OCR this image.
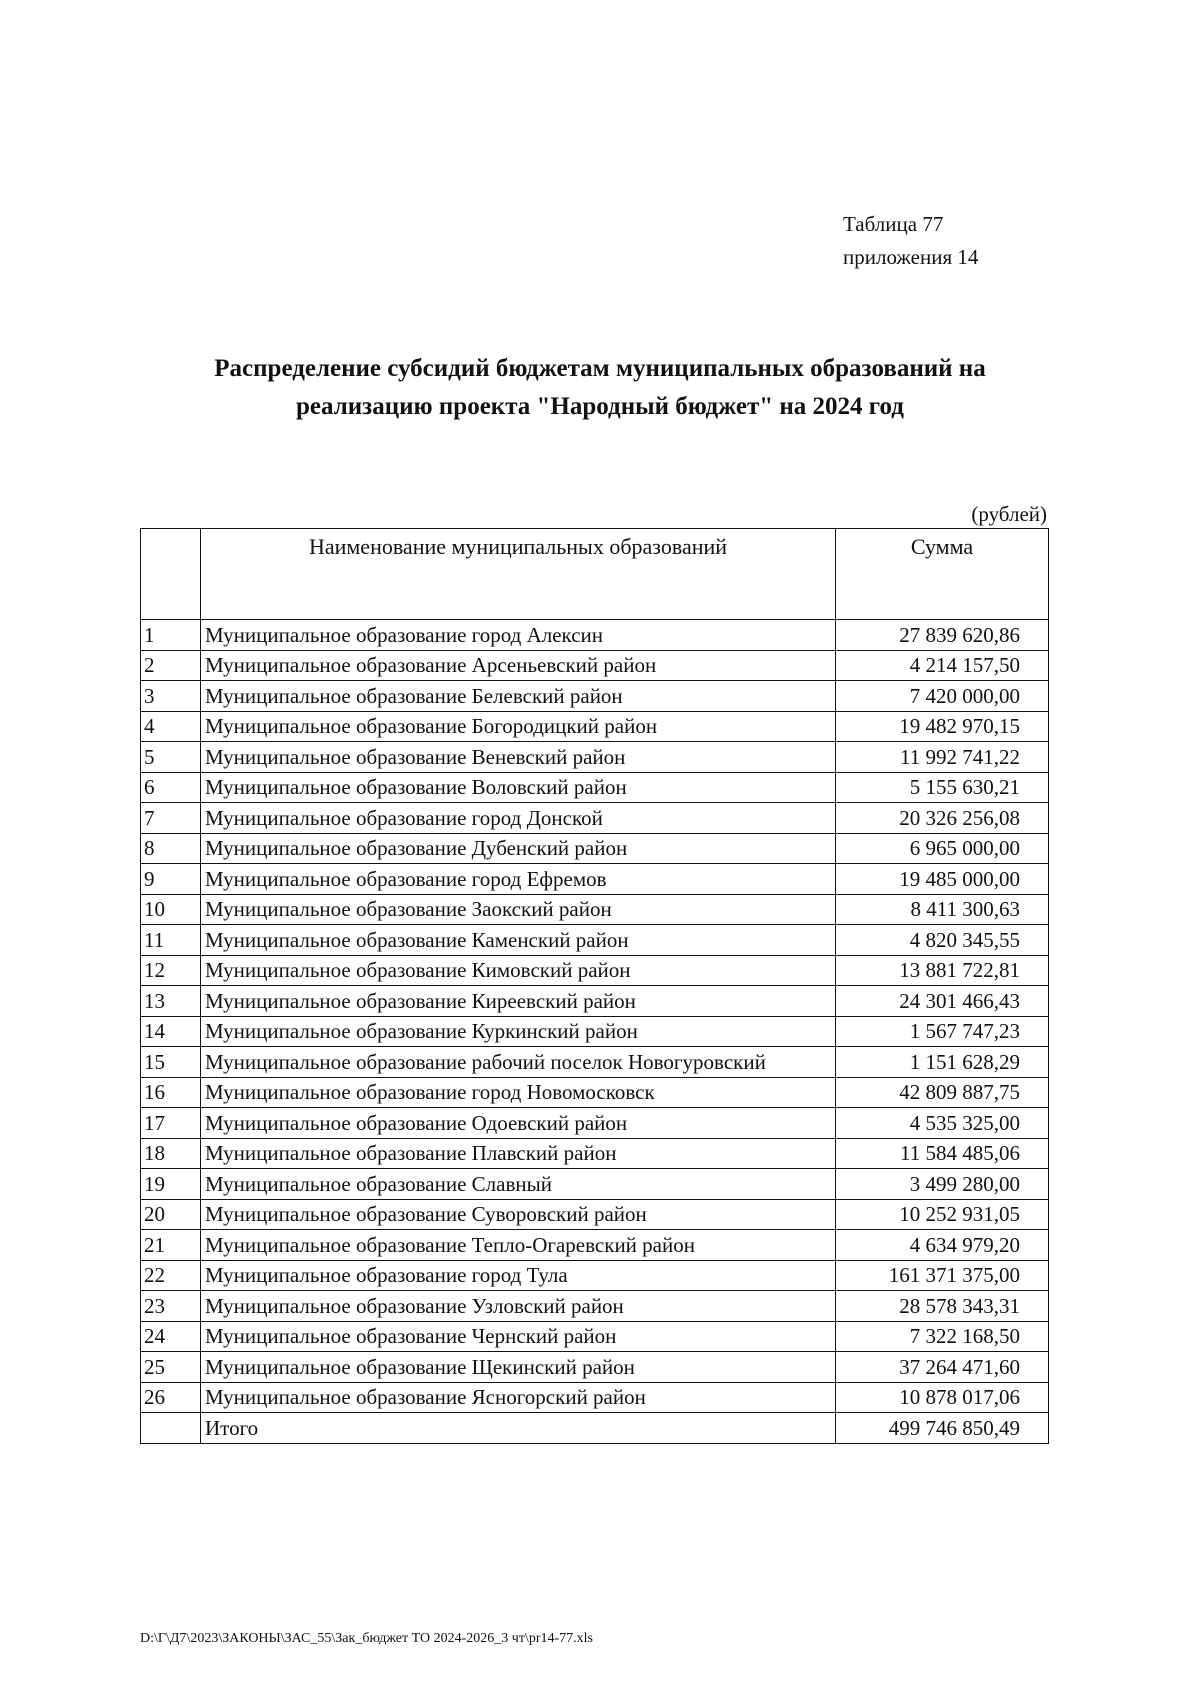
Таблица 77
приложения 14
Распределение субсидий бюджетам муниципальных образований на
реализацию проекта "Народный бюджет" на 2024 год
(рублей)
	Наименование муниципальных образований	Сумма
1	Муниципальное образование город Алексин	27 839 620,86
2	Муниципальное образование Арсеньевский район	4 214 157,50
3	Муниципальное образование Белевский район	7 420 000,00
4	Муниципальное образование Богородицкий район	19 482 970,15
5	Муниципальное образование Веневский район	11 992 741,22
6	Муниципальное образование Воловский район	5 155 630,21
7	Муниципальное образование город Донской	20 326 256,08
8	Муниципальное образование Дубенский район	6 965 000,00
9	Муниципальное образование город Ефремов	19 485 000,00
10	Муниципальное образование Заокский район	8 411 300,63
11	Муниципальное образование Каменский район	4 820 345,55
12	Муниципальное образование Кимовский район	13 881 722,81
13	Муниципальное образование Киреевский район	24 301 466,43
14	Муниципальное образование Куркинский район	1 567 747,23
15	Муниципальное образование рабочий поселок Новогуровский	1 151 628,29
16	Муниципальное образование город Новомосковск	42 809 887,75
17	Муниципальное образование Одоевский район	4 535 325,00
18	Муниципальное образование Плавский район	11 584 485,06
19	Муниципальное образование Славный	3 499 280,00
20	Муниципальное образование Суворовский район	10 252 931,05
21	Муниципальное образование Тепло-Огаревский район	4 634 979,20
22	Муниципальное образование город Тула	161 371 375,00
23	Муниципальное образование Узловский район	28 578 343,31
24	Муниципальное образование Чернский район	7 322 168,50
25	Муниципальное образование Щекинский район	37 264 471,60
26	Муниципальное образование Ясногорский район	10 878 017,06
	Итого	499 746 850,49
D:\Г\Д7\2023\ЗАКОНЫ\ЗАС_55\Зак_бюджет ТО 2024-2026_3 чт\pr14-77.xls
